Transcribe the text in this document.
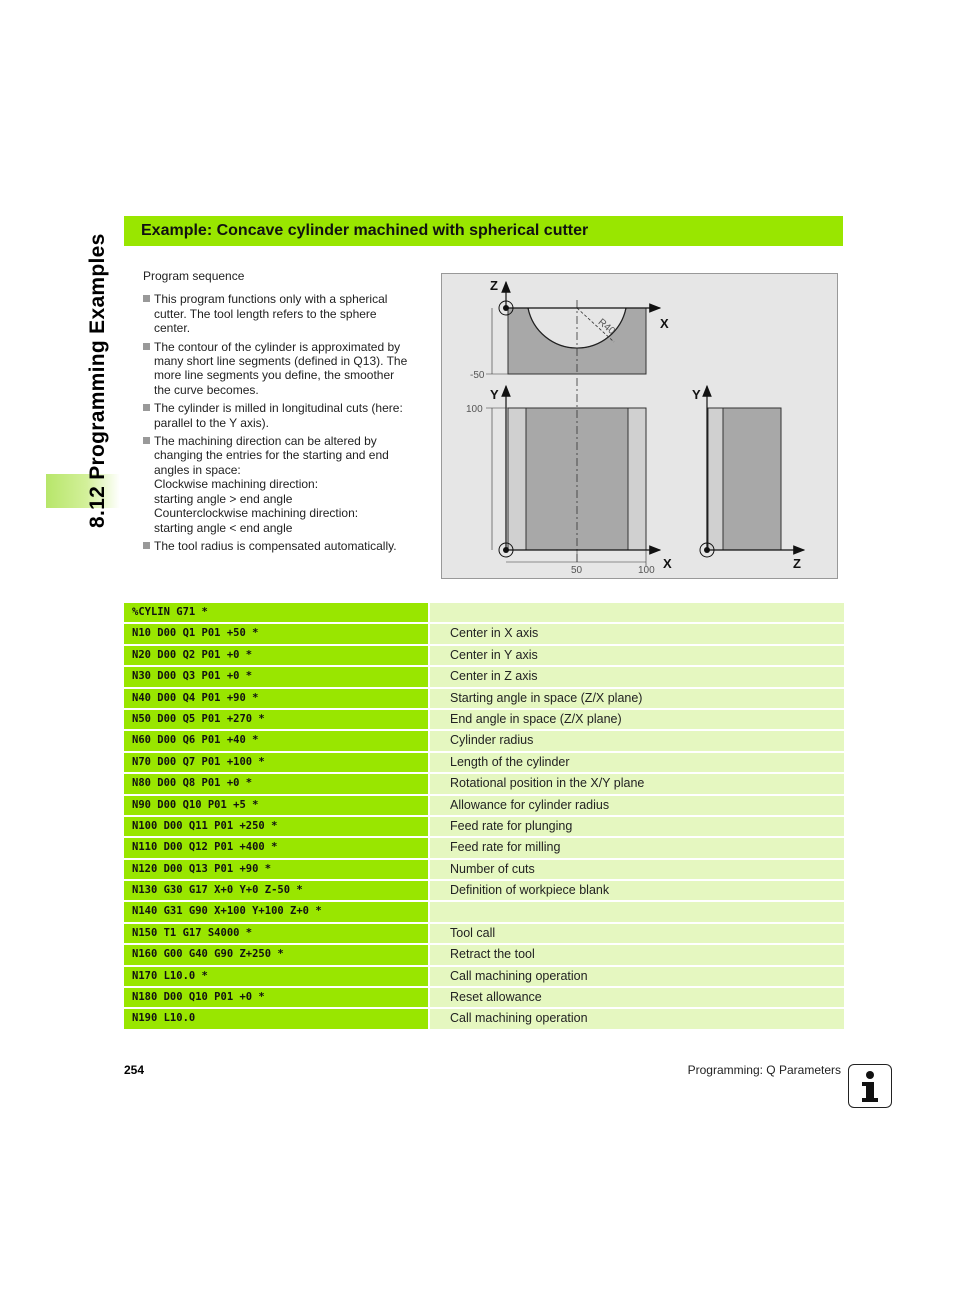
8.12 Programming Examples
Example: Concave cylinder machined with spherical cutter

Program sequence

This program functions only with a spherical
cutter. The tool length refers to the sphere
center.
The contour of the cylinder is approximated by
many short line segments (defined in Q13). The
more line segments you define, the smoother
the curve becomes.
The cylinder is milled in longitudinal cuts (here:
parallel to the Y axis).
The machining direction can be altered by
changing the entries for the starting and end
angles in space:
Clockwise machining direction:
starting angle > end angle
Counterclockwise machining direction:
starting angle < end angle
The tool radius is compensated automatically.
R40
Z
X
-50
Y
X
100
50	100
Y
Z
%CYLIN G71 *
N10 D00 Q1 P01 +50 *	Center in X axis
N20 D00 Q2 P01 +0 *	Center in Y axis
N30 D00 Q3 P01 +0 *	Center in Z axis
N40 D00 Q4 P01 +90 *	Starting angle in space (Z/X plane)
N50 D00 Q5 P01 +270 *	End angle in space (Z/X plane)
N60 D00 Q6 P01 +40 *	Cylinder radius
N70 D00 Q7 P01 +100 *	Length of the cylinder
N80 D00 Q8 P01 +0 *	Rotational position in the X/Y plane
N90 D00 Q10 P01 +5 *	Allowance for cylinder radius
N100 D00 Q11 P01 +250 *	Feed rate for plunging
N110 D00 Q12 P01 +400 *	Feed rate for milling
N120 D00 Q13 P01 +90 *	Number of cuts
N130 G30 G17 X+0 Y+0 Z-50 *	Definition of workpiece blank
N140 G31 G90 X+100 Y+100 Z+0 *
N150 T1 G17 S4000 *	Tool call
N160 G00 G40 G90 Z+250 *	Retract the tool
N170 L10.0 *	Call machining operation
N180 D00 Q10 P01 +0 *	Reset allowance
N190 L10.0	Call machining operation
254	Programming: Q Parameters
